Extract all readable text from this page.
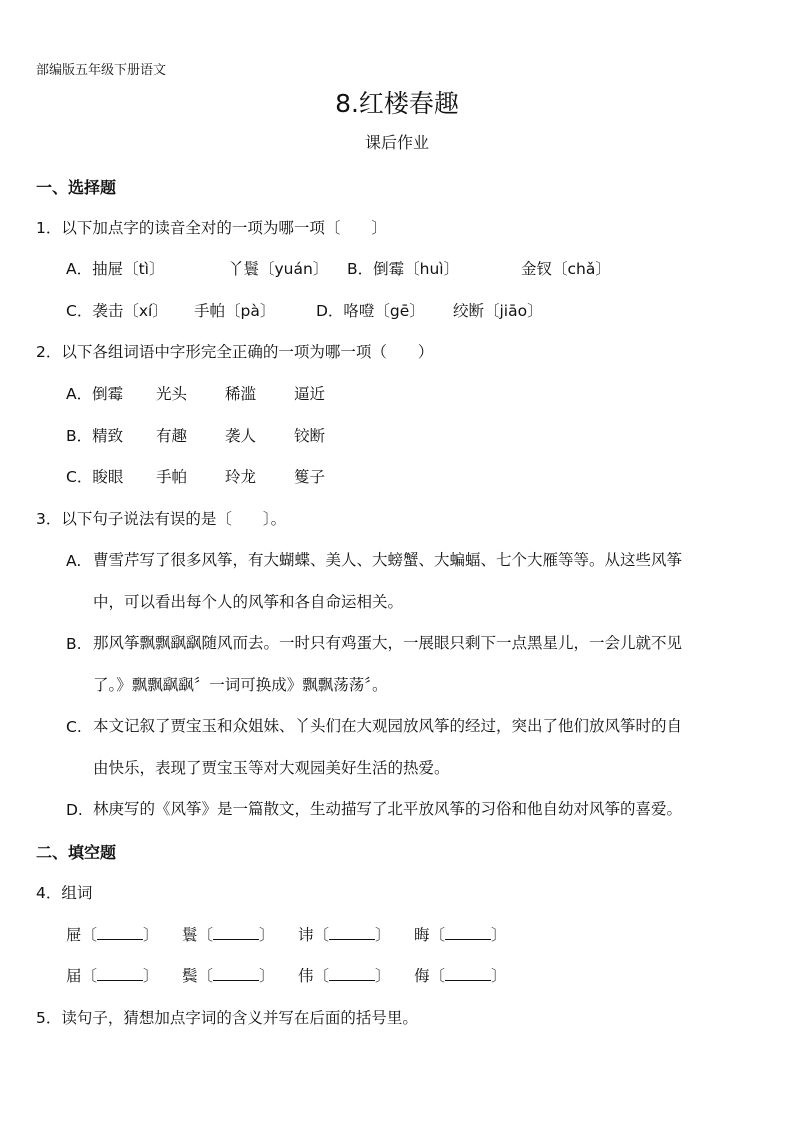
部编版五年级下册语文
8.红楼春趣
课后作业
一、选择题
1．以下加点字的读音全对的一项为哪一项〔　　〕
A．抽屉〔tì〕	丫鬟〔yuán〕 B．倒霉〔huì〕	金钗〔chǎ〕
C．袭击〔xí〕 手帕〔pà〕	D．咯噔〔gē〕 绞断〔jiāo〕
2．以下各组词语中字形完全正确的一项为哪一项（　　）
A．倒霉 光头 稀滥 逼近
B．精致 有趣 袭人 铰断
C．睃眼 手帕 玲龙 篗子
3．以下句子说法有误的是〔　　〕。
A. 曹雪芹写了很多风筝，有大蝴蝶、美人、大螃蟹、大蝙蝠、七个大雁等等。从这些风筝
中，可以看出每个人的风筝和各自命运相关。
B. 那风筝飘飘飖飖随风而去。一时只有鸡蛋大，一展眼只剩下一点黑星儿，一会儿就不见
了。》飘飘飖飖〞一词可换成》飘飘荡荡〞。
C. 本文记叙了贾宝玉和众姐妹、丫头们在大观园放风筝的经过，突出了他们放风筝时的自
由快乐，表现了贾宝玉等对大观园美好生活的热爱。
D. 林庚写的《风筝》是一篇散文，生动描写了北平放风筝的习俗和他自幼对风筝的喜爱。
二、填空题
4．组词
屉〔	〕 鬟〔	〕 讳〔	〕 晦〔	〕
届〔	〕 鬓〔	〕 伟〔	〕 侮〔	〕
5．读句子，猜想加点字词的含义并写在后面的括号里。
